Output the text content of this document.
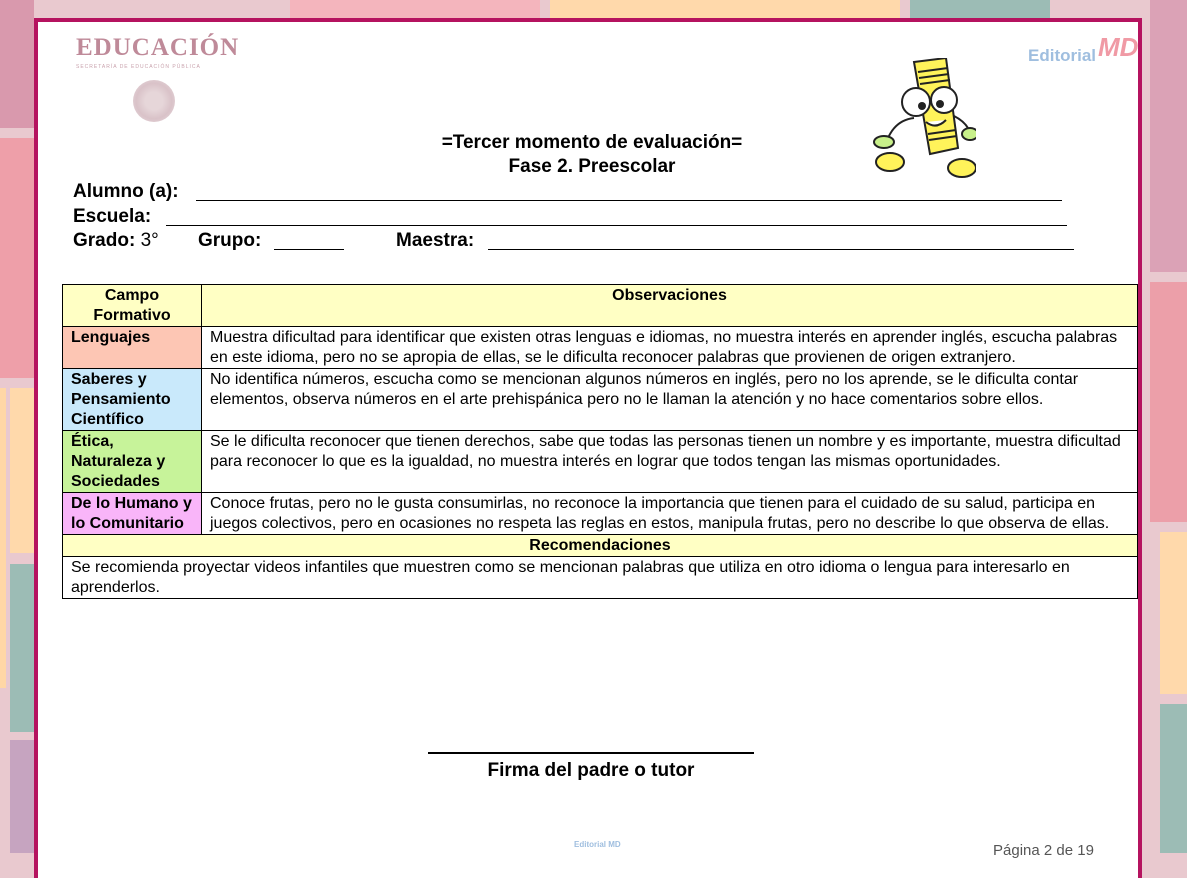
EDUCACIÓN
SECRETARÍA DE EDUCACIÓN PÚBLICA
Editorial MD
=Tercer momento de evaluación=
Fase 2. Preescolar
Alumno (a):
Escuela:
Grado: 3° Grupo:	Maestra:
Campo Formativo	Observaciones
Lenguajes	Muestra dificultad para identificar que existen otras lenguas e idiomas, no muestra interés en aprender inglés, escucha palabras en este idioma, pero no se apropia de ellas, se le dificulta reconocer palabras que provienen de origen extranjero.
Saberes y Pensamiento Científico	No identifica números, escucha como se mencionan algunos números en inglés, pero no los aprende, se le dificulta contar elementos, observa números en el arte prehispánica pero no le llaman la atención y no hace comentarios sobre ellos.
Ética, Naturaleza y Sociedades	Se le dificulta reconocer que tienen derechos, sabe que todas las personas tienen un nombre y es importante, muestra dificultad para reconocer lo que es la igualdad, no muestra interés en lograr que todos tengan las mismas oportunidades.
De lo Humano y lo Comunitario	Conoce frutas, pero no le gusta consumirlas, no reconoce la importancia que tienen para el cuidado de su salud, participa en juegos colectivos, pero en ocasiones no respeta las reglas en estos, manipula frutas, pero no describe lo que observa de ellas.
Recomendaciones	
Se recomienda proyectar videos infantiles que muestren como se mencionan palabras que utiliza en otro idioma o lengua para interesarlo en aprenderlos.	
Firma del padre o tutor
Editorial MD	Página 2 de 19
